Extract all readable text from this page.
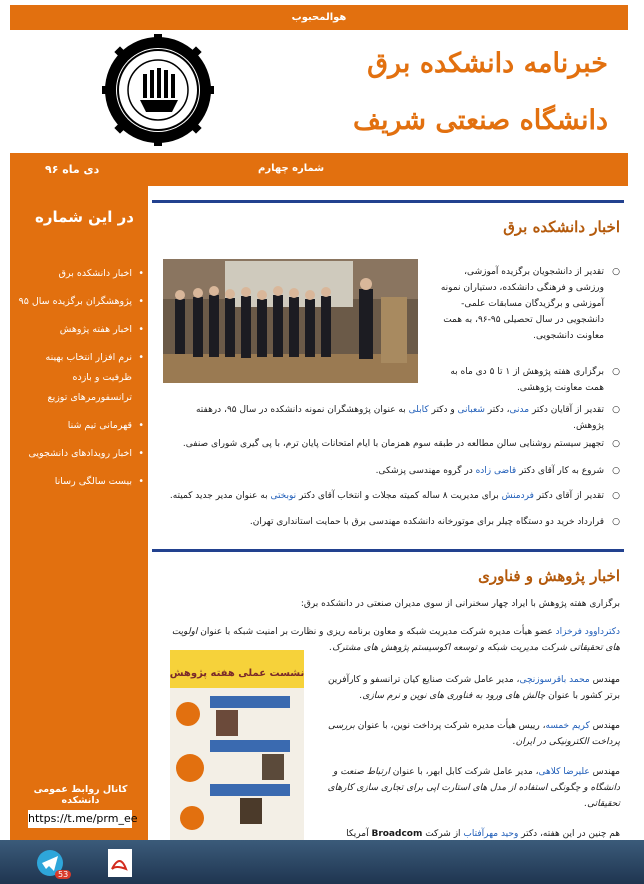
هوالمحبوب
خبرنامه دانشکده برق
دانشگاه صنعتی شریف
دی ماه ۹۶	شماره چهارم
در این شماره
• اخبار دانشکده برق
• پژوهشگران برگزیده سال ۹۵
• اخبار هفته پژوهش
• نرم افزار انتخاب بهینه ظرفیت و بازده ترانسفورمرهای توزیع
• قهرمانی تیم شنا
• اخبار رویدادهای دانشجویی
• بیست سالگی رسانا
کانال روابط عمومی دانشکده
https://t.me/prm_ee
اخبار دانشکده برق
○ تقدیر از دانشجویان برگزیده آموزشی، ورزشی و فرهنگی دانشکده، دستیاران نمونه آموزشی و برگزیدگان مسابقات علمی-دانشجویی در سال تحصیلی ۹۵-۹۶، به همت معاونت دانشجویی.
○ برگزاری هفته پژوهش از ۱ تا ۵ دی ماه به همت معاونت پژوهشی.
○ تقدیر از آقایان دکتر مدنی، دکتر شعبانی و دکتر کابلی به عنوان پژوهشگران نمونه دانشکده در سال ۹۵، درهفته پژوهش.
○ تجهیز سیستم روشنایی سالن مطالعه در طبقه سوم همزمان با ایام امتحانات پایان ترم، با پی گیری شورای صنفی.
○ شروع به کار آقای دکتر قاضی زاده در گروه مهندسی پزشکی.
○ تقدیر از آقای دکتر فردمنش برای مدیریت ۸ ساله کمیته مجلات و انتخاب آقای دکتر نوبختی به عنوان مدیر جدید کمیته.
○ قرارداد خرید دو دستگاه چیلر برای موتورخانه دانشکده مهندسی برق با حمایت استانداری تهران.
اخبار پژوهش و فناوری
برگزاری هفته پژوهش با ایراد چهار سخنرانی از سوی مدیران صنعتی در دانشکده برق:
دکترداوود فرخزاد عضو هیأت مدیره شرکت مدیریت شبکه و معاون برنامه ریزی و نظارت بر امنیت شبکه با عنوان اولویت های تحقیقاتی شرکت مدیریت شبکه و توسعه اکوسیستم پژوهش های مشترک.
مهندس محمد باقرسوزنچی، مدیر عامل شرکت صنایع کیان ترانسفو و کارآفرین برتر کشور با عنوان چالش های ورود به فناوری های نوین و نرم سازی.
مهندس کریم خمسه، رییس هیأت مدیره شرکت پرداخت نوین، با عنوان بررسی پرداخت الکترونیکی در ایران.
مهندس علیرضا کلاهی، مدیر عامل شرکت کابل ابهر، با عنوان ارتباط صنعت و دانشگاه و چگونگی استفاده از مدل های استارت اپی برای تجاری سازی کارهای تحقیقاتی.
هم چنین در این هفته، دکتر وحید مهرآفتاب از شرکت Broadcom آمریکا
نشست عملی هفته پژوهش
53
